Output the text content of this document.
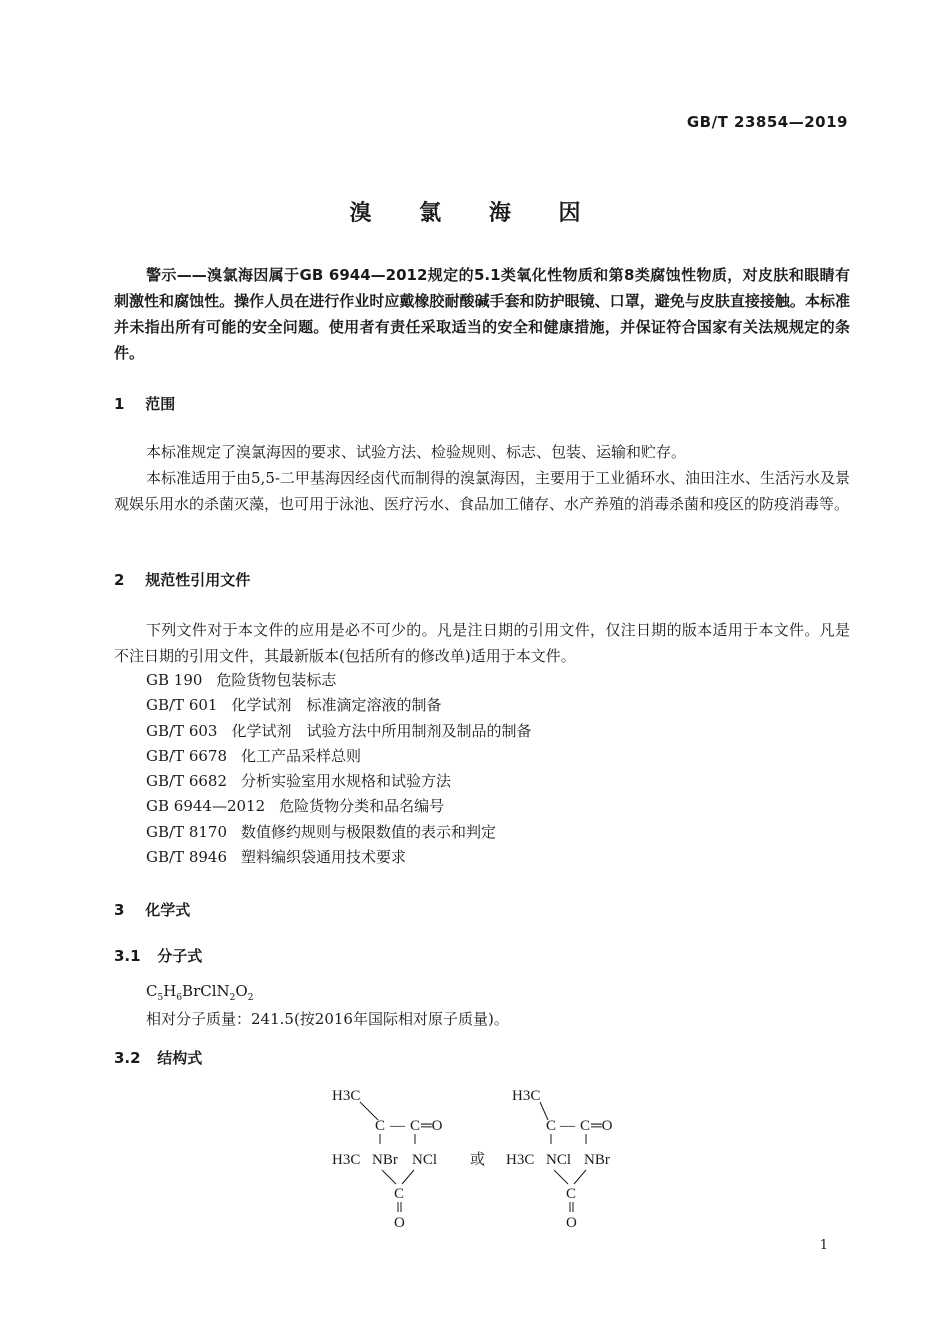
GB/T 23854—2019
溴 氯 海 因

警示——溴氯海因属于GB 6944—2012规定的5.1类氧化性物质和第8类腐蚀性物质，对皮肤和眼睛有刺激性和腐蚀性。操作人员在进行作业时应戴橡胶耐酸碱手套和防护眼镜、口罩，避免与皮肤直接接触。本标准并未指出所有可能的安全问题。使用者有责任采取适当的安全和健康措施，并保证符合国家有关法规规定的条件。

1 范围

本标准规定了溴氯海因的要求、试验方法、检验规则、标志、包装、运输和贮存。

本标准适用于由5,5-二甲基海因经卤代而制得的溴氯海因，主要用于工业循环水、油田注水、生活污水及景观娱乐用水的杀菌灭藻，也可用于泳池、医疗污水、食品加工储存、水产养殖的消毒杀菌和疫区的防疫消毒等。

2 规范性引用文件

下列文件对于本文件的应用是必不可少的。凡是注日期的引用文件，仅注日期的版本适用于本文件。凡是不注日期的引用文件，其最新版本(包括所有的修改单)适用于本文件。

GB 190 危险货物包装标志
GB/T 601 化学试剂　标准滴定溶液的制备
GB/T 603 化学试剂　试验方法中所用制剂及制品的制备
GB/T 6678 化工产品采样总则
GB/T 6682 分析实验室用水规格和试验方法
GB 6944—2012 危险货物分类和品名编号
GB/T 8170 数值修约规则与极限数值的表示和判定
GB/T 8946 塑料编织袋通用技术要求
3 化学式
3.1 分子式
$C_5H_6BrClN_2O_2$
相对分子质量：241.5(按2016年国际相对原子质量)。
3.2 结构式
H3C
C — C ═O
H3C NBr NCl
C
O
或
H3C
C — C ═O
H3C NCl NBr
C
O
1
